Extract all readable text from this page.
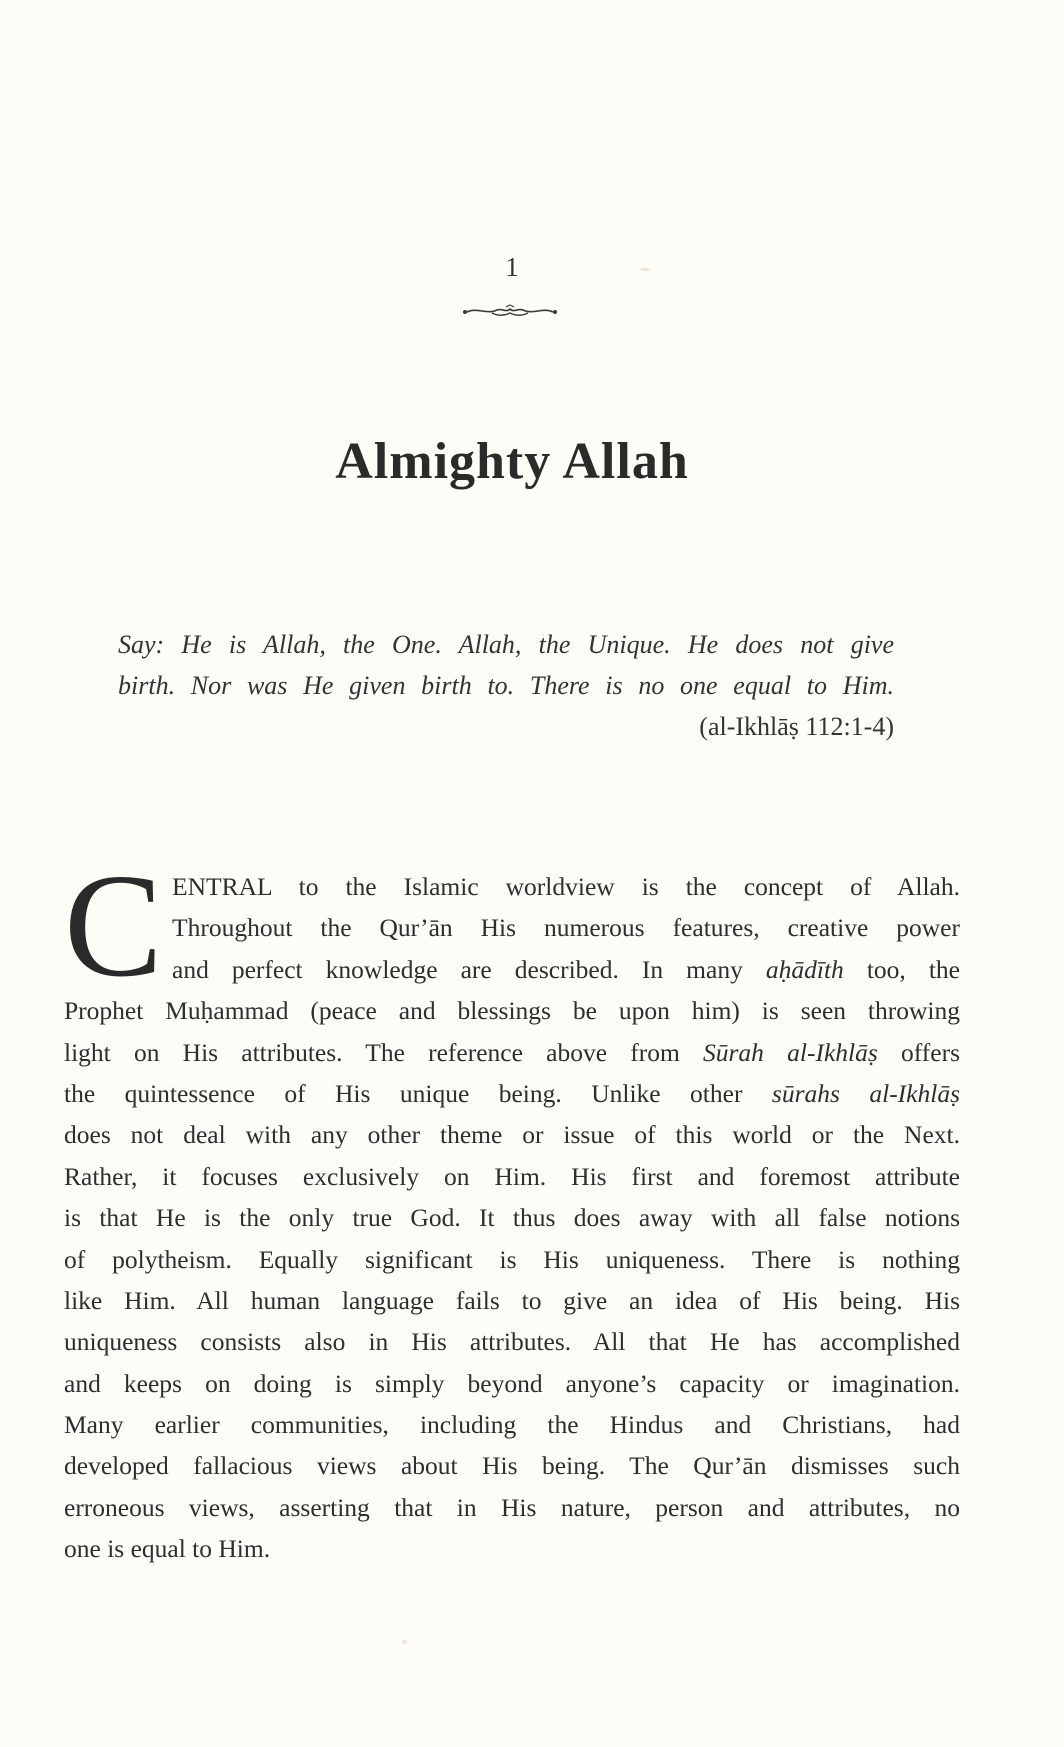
1
Almighty Allah
Say: He is Allah, the One. Allah, the Unique. He does not give
birth. Nor was He given birth to. There is no one equal to Him.
(al-Ikhlāṣ 112:1-4)
C ENTRAL to the Islamic worldview is the concept of Allah.
Throughout the Qur’ān His numerous features, creative power
and perfect knowledge are described. In many aḥādīth too, the
Prophet Muḥammad (peace and blessings be upon him) is seen throwing
light on His attributes. The reference above from Sūrah al-Ikhlāṣ offers
the quintessence of His unique being. Unlike other sūrahs al-Ikhlāṣ
does not deal with any other theme or issue of this world or the Next.
Rather, it focuses exclusively on Him. His first and foremost attribute
is that He is the only true God. It thus does away with all false notions
of polytheism. Equally significant is His uniqueness. There is nothing
like Him. All human language fails to give an idea of His being. His
uniqueness consists also in His attributes. All that He has accomplished
and keeps on doing is simply beyond anyone’s capacity or imagination.
Many earlier communities, including the Hindus and Christians, had
developed fallacious views about His being. The Qur’ān dismisses such
erroneous views, asserting that in His nature, person and attributes, no
one is equal to Him.
